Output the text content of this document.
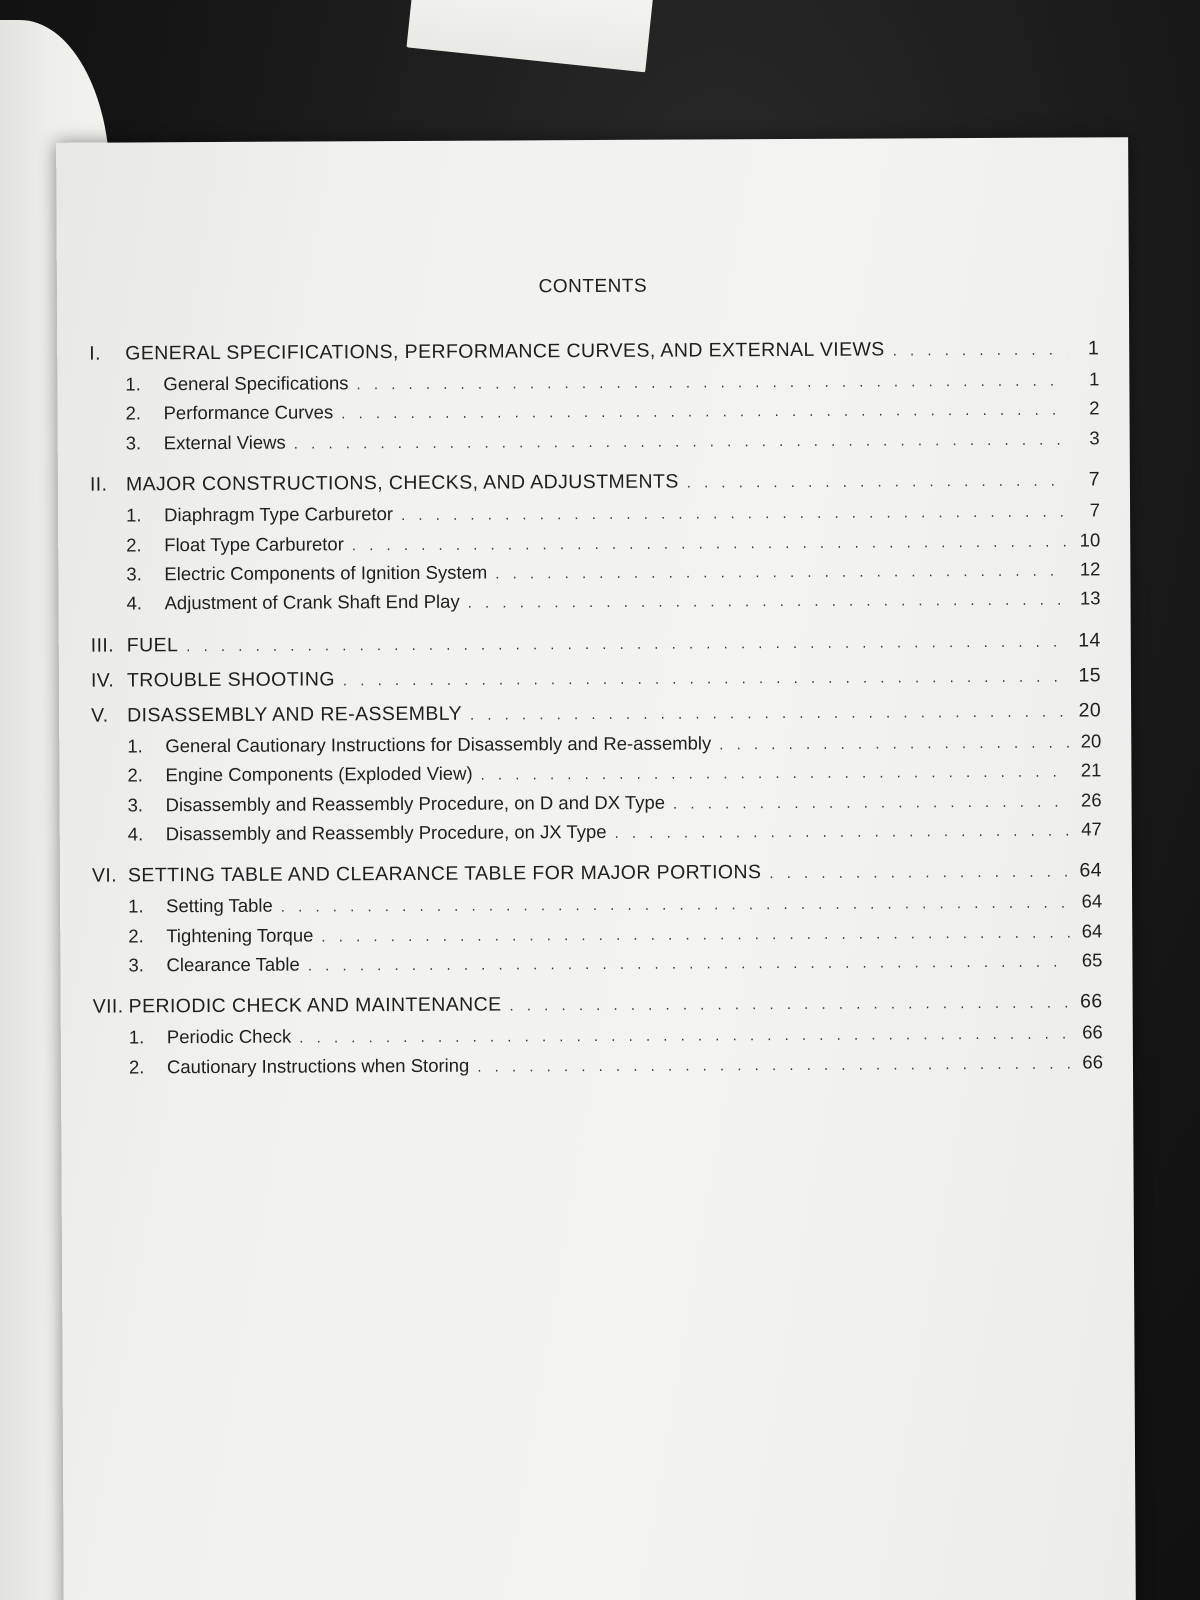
CONTENTS
I.	GENERAL SPECIFICATIONS, PERFORMANCE CURVES, AND EXTERNAL VIEWS . . .	1
1.	General Specifications . . .	1
2.	Performance Curves . . .	2
3.	External Views . . .	3
II. MAJOR CONSTRUCTIONS, CHECKS, AND ADJUSTMENTS . . .	7
1.	Diaphragm Type Carburetor . . .	7
2.	Float Type Carburetor . . .	10
3.	Electric Components of Ignition System . . .	12
4.	Adjustment of Crank Shaft End Play . . .	13
III. FUEL . . .	14
IV. TROUBLE SHOOTING . . .	15
V. DISASSEMBLY AND RE-ASSEMBLY . . .	20
1.	General Cautionary Instructions for Disassembly and Re-assembly . . .	20
2.	Engine Components (Exploded View) . . .	21
3.	Disassembly and Reassembly Procedure, on D and DX Type . . .	26
4.	Disassembly and Reassembly Procedure, on JX Type . . .	47
VI. SETTING TABLE AND CLEARANCE TABLE FOR MAJOR PORTIONS . . .	64
1.	Setting Table . . .	64
2.	Tightening Torque . . .	64
3.	Clearance Table . . .	65
VII. PERIODIC CHECK AND MAINTENANCE . . .	66
1.	Periodic Check . . .	66
2.	Cautionary Instructions when Storing . . .	66
